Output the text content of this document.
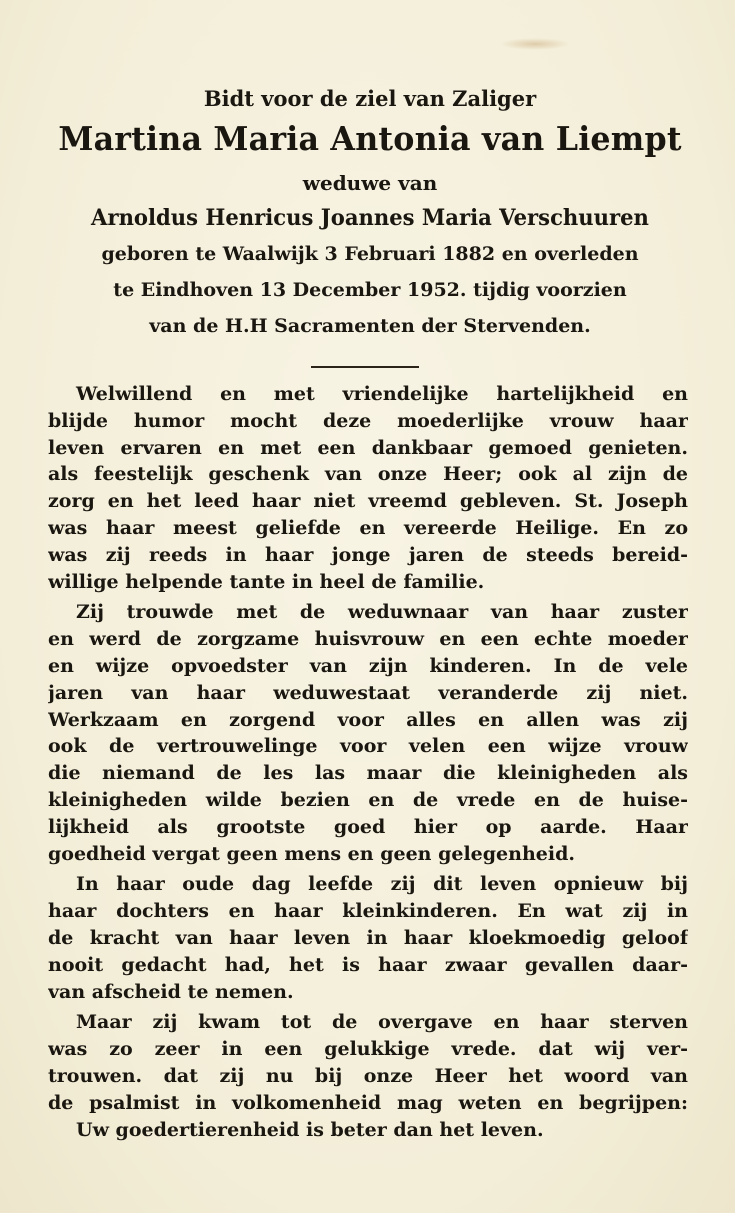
Bidt voor de ziel van Zaliger
Martina Maria Antonia van Liempt
weduwe van
Arnoldus Henricus Joannes Maria Verschuuren
geboren te Waalwijk 3 Februari 1882 en overleden
te Eindhoven 13 December 1952. tijdig voorzien
van de H.H Sacramenten der Stervenden.
Welwillend en met vriendelijke hartelijkheid en
blijde humor mocht deze moederlijke vrouw haar
leven ervaren en met een dankbaar gemoed genieten.
als feestelijk geschenk van onze Heer; ook al zijn de
zorg en het leed haar niet vreemd gebleven. St. Joseph
was haar meest geliefde en vereerde Heilige. En zo
was zij reeds in haar jonge jaren de steeds bereid-
willige helpende tante in heel de familie.
Zij trouwde met de weduwnaar van haar zuster
en werd de zorgzame huisvrouw en een echte moeder
en wijze opvoedster van zijn kinderen. In de vele
jaren van haar weduwestaat veranderde zij niet.
Werkzaam en zorgend voor alles en allen was zij
ook de vertrouwelinge voor velen een wijze vrouw
die niemand de les las maar die kleinigheden als
kleinigheden wilde bezien en de vrede en de huise-
lijkheid als grootste goed hier op aarde. Haar
goedheid vergat geen mens en geen gelegenheid.
In haar oude dag leefde zij dit leven opnieuw bij
haar dochters en haar kleinkinderen. En wat zij in
de kracht van haar leven in haar kloekmoedig geloof
nooit gedacht had, het is haar zwaar gevallen daar-
van afscheid te nemen.
Maar zij kwam tot de overgave en haar sterven
was zo zeer in een gelukkige vrede. dat wij ver-
trouwen. dat zij nu bij onze Heer het woord van
de psalmist in volkomenheid mag weten en begrijpen:
Uw goedertierenheid is beter dan het leven.
